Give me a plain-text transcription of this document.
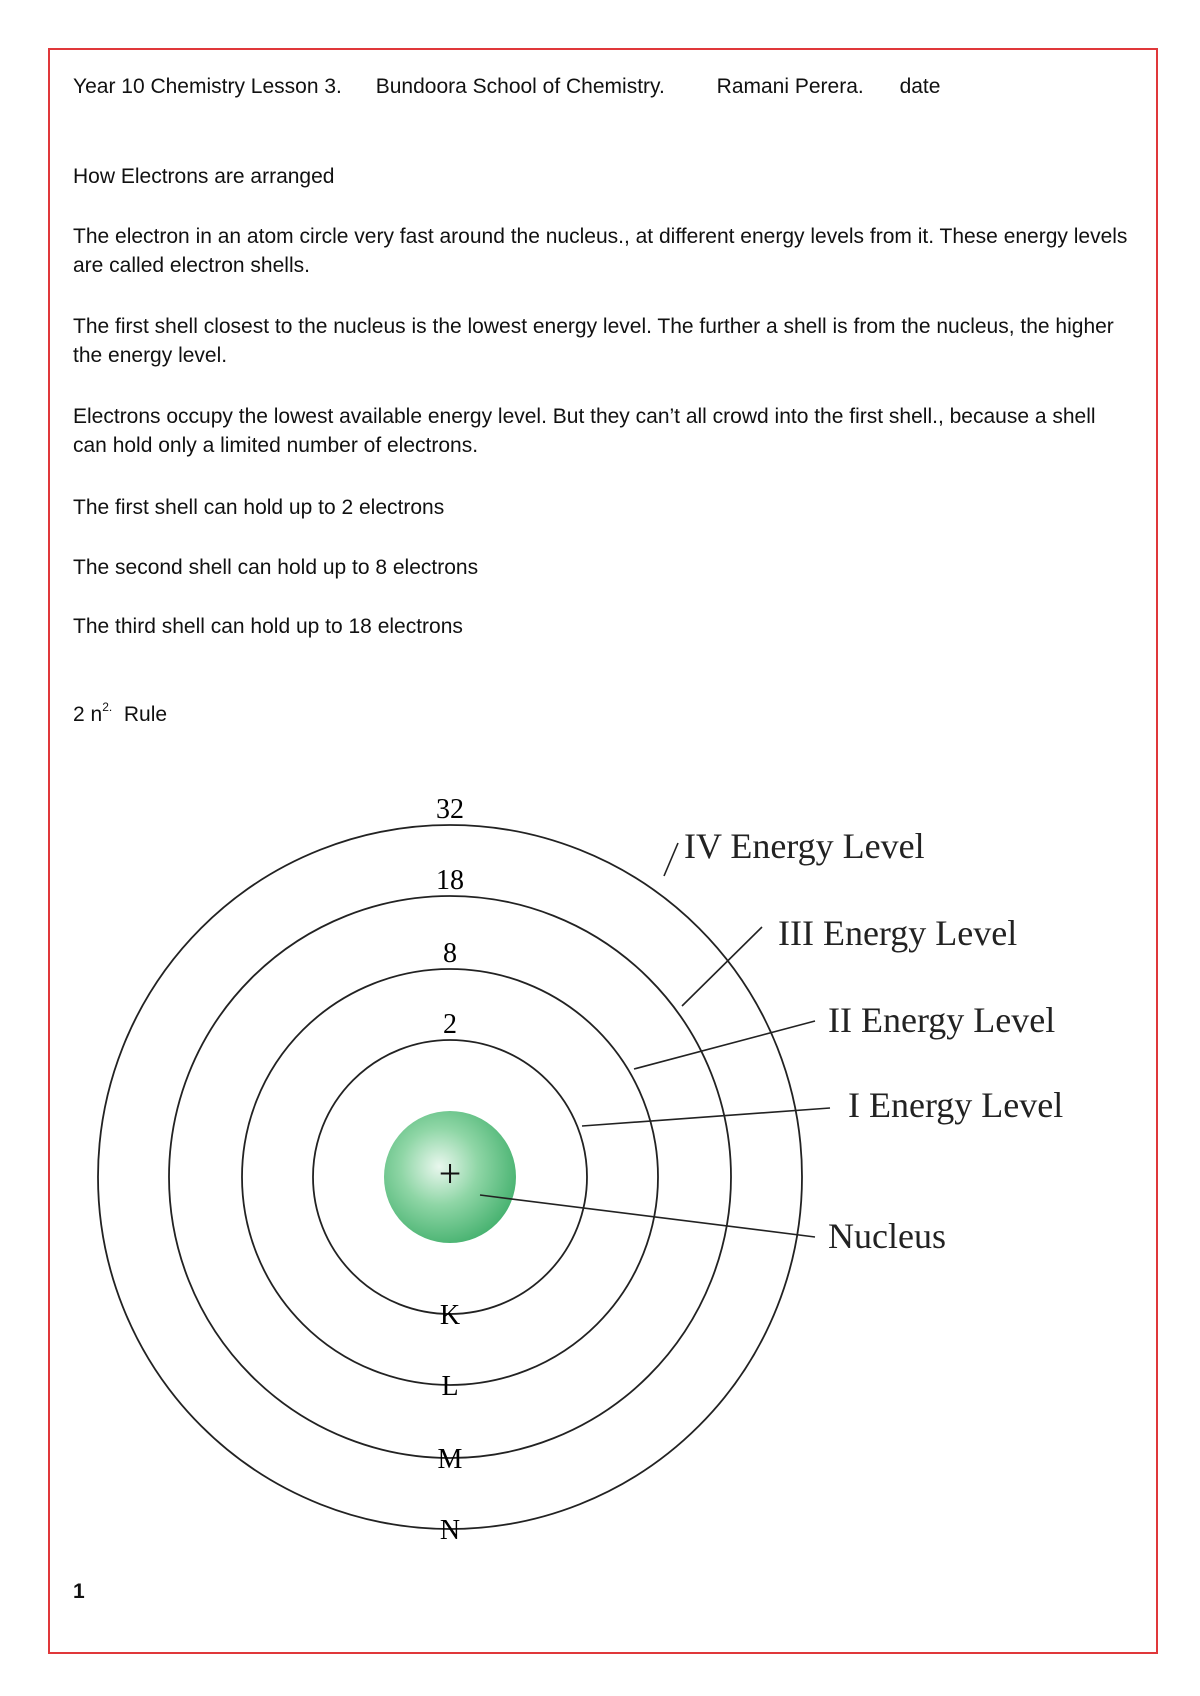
Year 10 Chemistry Lesson 3. Bundoora School of Chemistry. Ramani Perera. date
How Electrons are arranged
The electron in an atom circle very fast around the nucleus., at different energy levels from it. These energy levels are called electron shells.
The first shell closest to the nucleus is the lowest energy level. The further a shell is from the nucleus, the higher the energy level.
Electrons occupy the lowest available energy level. But they can’t all crowd into the first shell., because a shell can hold only a limited number of electrons.
The first shell can hold up to 2 electrons
The second shell can hold up to 8 electrons
The third shell can hold up to 18 electrons
2 $n^{2.}$ Rule
+
2
8
18
32
K
L
M
N
I Energy Level
II Energy Level
III Energy Level
IV Energy Level
Nucleus
1
